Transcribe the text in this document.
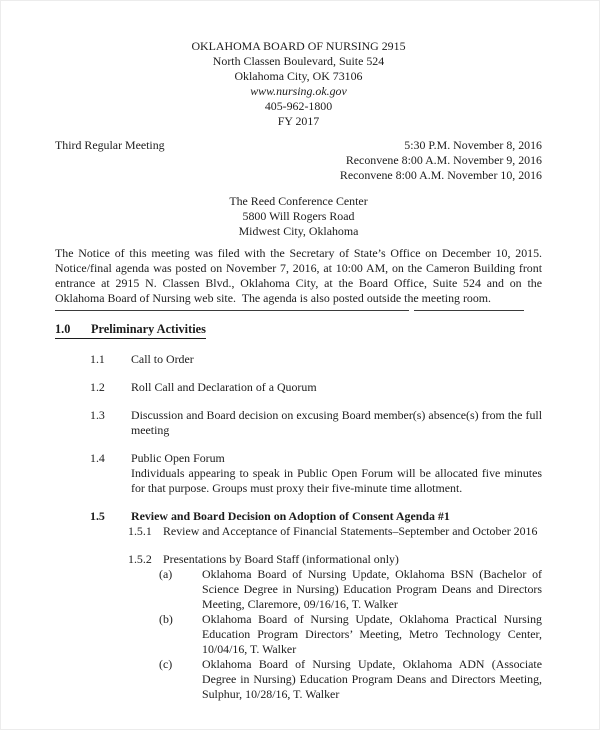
OKLAHOMA BOARD OF NURSING 2915
North Classen Boulevard, Suite 524
Oklahoma City, OK 73106
www.nursing.ok.gov
405-962-1800
FY 2017
Third Regular Meeting	5:30 P.M. November 8, 2016
Reconvene 8:00 A.M. November 9, 2016
Reconvene 8:00 A.M. November 10, 2016
The Reed Conference Center
5800 Will Rogers Road
Midwest City, Oklahoma
The Notice of this meeting was filed with the Secretary of State’s Office on December 10, 2015.
Notice/final agenda was posted on November 7, 2016, at 10:00 AM, on the Cameron Building front
entrance at 2915 N. Classen Blvd., Oklahoma City, at the Board Office, Suite 524 and on the
Oklahoma Board of Nursing web site.  The agenda is also posted outside the meeting room.
1.0 Preliminary Activities
1.1	Call to Order
1.2	Roll Call and Declaration of a Quorum
1.3	Discussion and Board decision on excusing Board member(s) absence(s) from the full
meeting
1.4	Public Open Forum
Individuals appearing to speak in Public Open Forum will be allocated five minutes
for that purpose. Groups must proxy their five-minute time allotment.
1.5	Review and Board Decision on Adoption of Consent Agenda #1
1.5.1 Review and Acceptance of Financial Statements–September and October 2016
1.5.2 Presentations by Board Staff (informational only)
(a)	Oklahoma Board of Nursing Update, Oklahoma BSN (Bachelor of
Science Degree in Nursing) Education Program Deans and Directors
Meeting, Claremore, 09/16/16, T. Walker
(b)	Oklahoma Board of Nursing Update, Oklahoma Practical Nursing
Education Program Directors’ Meeting, Metro Technology Center,
10/04/16, T. Walker
(c)	Oklahoma Board of Nursing Update, Oklahoma ADN (Associate
Degree in Nursing) Education Program Deans and Directors Meeting,
Sulphur, 10/28/16, T. Walker
